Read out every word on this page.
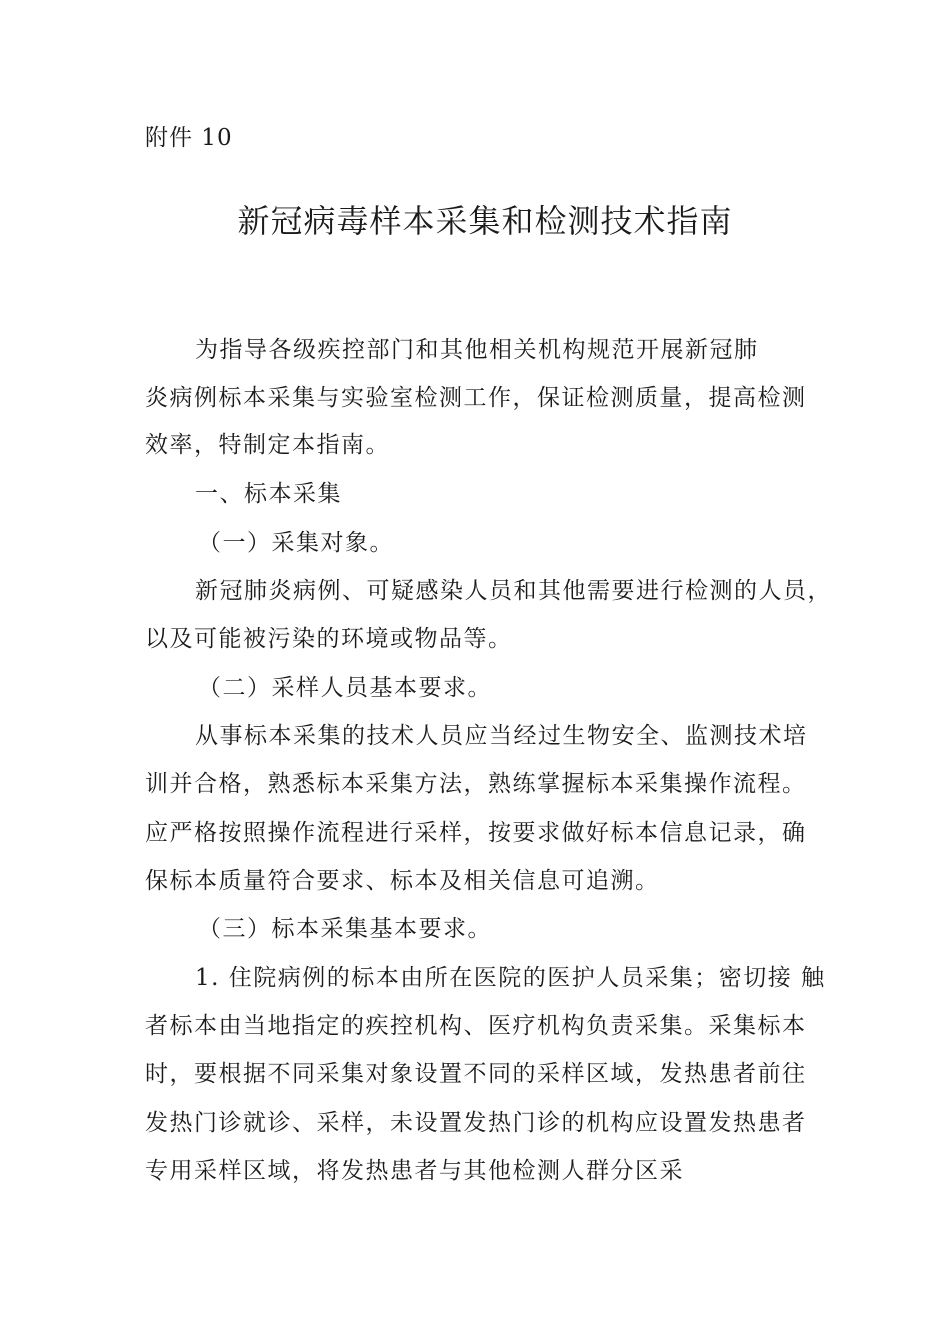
附件 10
新冠病毒样本采集和检测技术指南
为指导各级疾控部门和其他相关机构规范开展新冠肺
炎病例标本采集与实验室检测工作，保证检测质量，提高检测
效率，特制定本指南。
一、标本采集
（一）采集对象。
新冠肺炎病例、可疑感染人员和其他需要进行检测的人员，
以及可能被污染的环境或物品等。
（二）采样人员基本要求。
从事标本采集的技术人员应当经过生物安全、监测技术培
训并合格，熟悉标本采集方法，熟练掌握标本采集操作流程。
应严格按照操作流程进行采样，按要求做好标本信息记录，确
保标本质量符合要求、标本及相关信息可追溯。
（三）标本采集基本要求。
1. 住院病例的标本由所在医院的医护人员采集；密切接 触
者标本由当地指定的疾控机构、医疗机构负责采集。采集标本
时，要根据不同采集对象设置不同的采样区域，发热患者前往
发热门诊就诊、采样，未设置发热门诊的机构应设置发热患者
专用采样区域，将发热患者与其他检测人群分区采
